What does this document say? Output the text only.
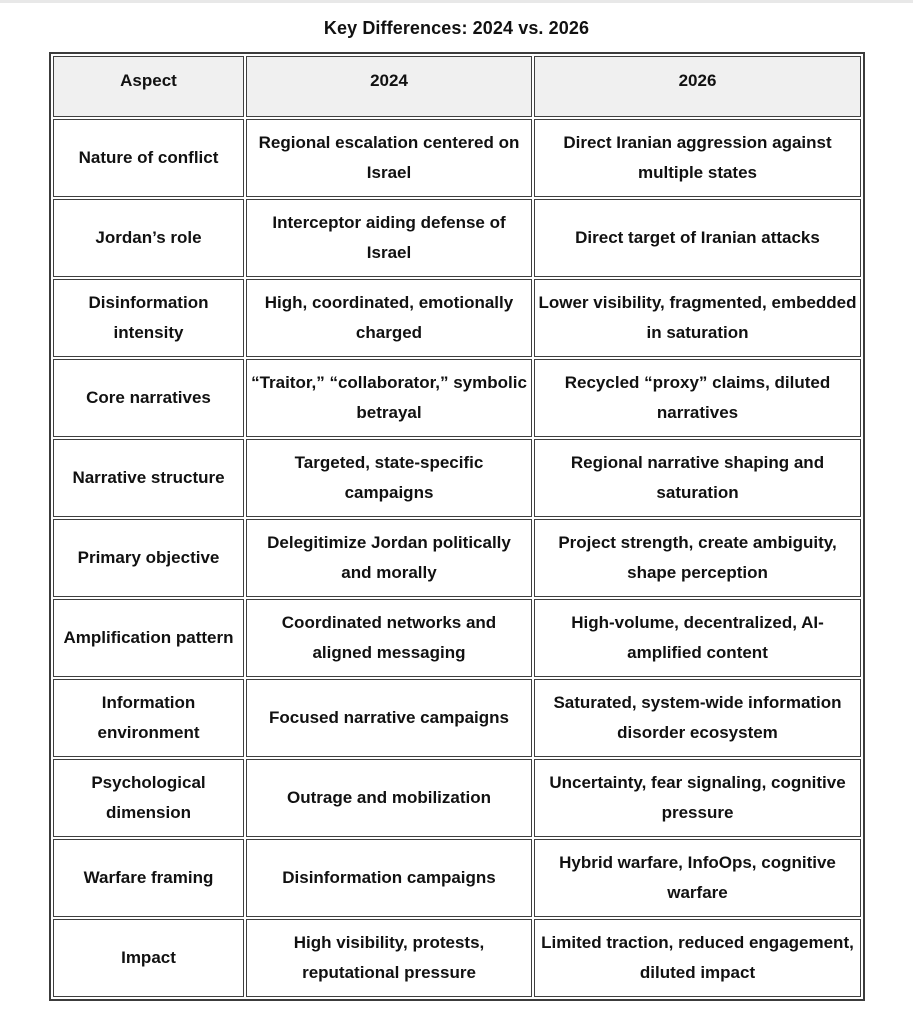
Key Differences: 2024 vs. 2026
Aspect	2024	2026
Nature of conflict	Regional escalation centered on Israel	Direct Iranian aggression against multiple states
Jordan’s role	Interceptor aiding defense of Israel	Direct target of Iranian attacks
Disinformation intensity	High, coordinated, emotionally charged	Lower visibility, fragmented, embedded in saturation
Core narratives	“Traitor,” “collaborator,” symbolic betrayal	Recycled “proxy” claims, diluted narratives
Narrative structure	Targeted, state-specific campaigns	Regional narrative shaping and saturation
Primary objective	Delegitimize Jordan politically and morally	Project strength, create ambiguity, shape perception
Amplification pattern	Coordinated networks and aligned messaging	High-volume, decentralized, AI-amplified content
Information environment	Focused narrative campaigns	Saturated, system-wide information disorder ecosystem
Psychological dimension	Outrage and mobilization	Uncertainty, fear signaling, cognitive pressure
Warfare framing	Disinformation campaigns	Hybrid warfare, InfoOps, cognitive warfare
Impact	High visibility, protests, reputational pressure	Limited traction, reduced engagement, diluted impact
